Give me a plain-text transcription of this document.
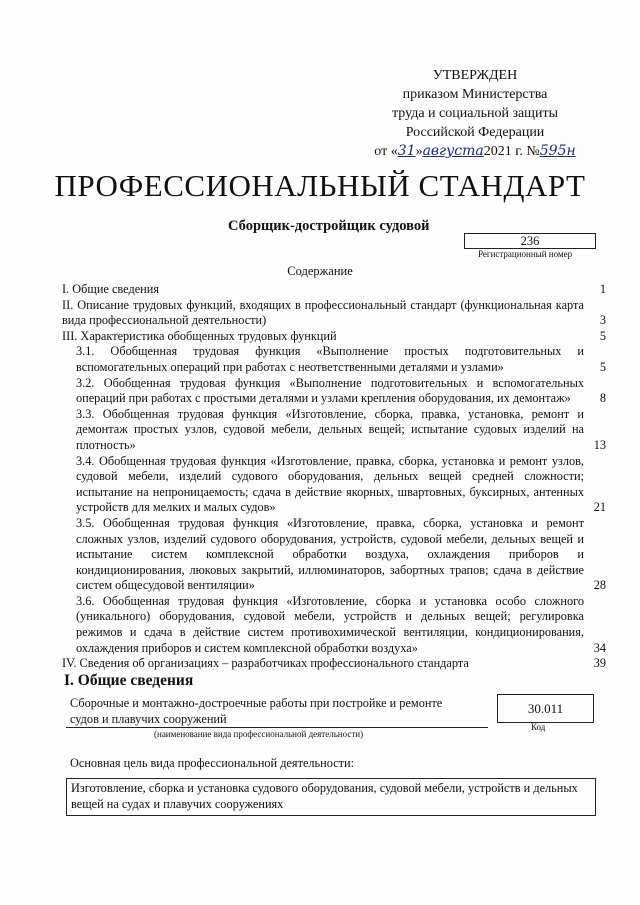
УТВЕРЖДЕН
приказом Министерства
труда и социальной защиты
Российской Федерации
от «31»августа2021 г. №595н
ПРОФЕССИОНАЛЬНЫЙ СТАНДАРТ
Сборщик-достройщик судовой
236
Регистрационный номер
Содержание
I. Общие сведения	1
II. Описание трудовых функций, входящих в профессиональный стандарт (функциональная карта вида профессиональной деятельности)	3
III. Характеристика обобщенных трудовых функций	5
3.1. Обобщенная трудовая функция «Выполнение простых подготовительных и вспомогательных операций при работах с неответственными деталями и узлами»	5
3.2. Обобщенная трудовая функция «Выполнение подготовительных и вспомогательных операций при работах с простыми деталями и узлами крепления оборудования, их демонтаж»	8
3.3. Обобщенная трудовая функция «Изготовление, сборка, правка, установка, ремонт и демонтаж простых узлов, судовой мебели, дельных вещей; испытание судовых изделий на плотность»	13
3.4. Обобщенная трудовая функция «Изготовление, правка, сборка, установка и ремонт узлов, судовой мебели, изделий судового оборудования, дельных вещей средней сложности; испытание на непроницаемость; сдача в действие якорных, швартовных, буксирных, антенных устройств для мелких и малых судов»	21
3.5. Обобщенная трудовая функция «Изготовление, правка, сборка, установка и ремонт сложных узлов, изделий судового оборудования, устройств, судовой мебели, дельных вещей и испытание систем комплексной обработки воздуха, охлаждения приборов и кондиционирования, люковых закрытий, иллюминаторов, забортных трапов; сдача в действие систем общесудовой вентиляции»	28
3.6. Обобщенная трудовая функция «Изготовление, сборка и установка особо сложного (уникального) оборудования, судовой мебели, устройств и дельных вещей; регулировка режимов и сдача в действие систем противохимической вентиляции, кондиционирования, охлаждения приборов и систем комплексной обработки воздуха»	34
IV. Сведения об организациях – разработчиках профессионального стандарта	39
I. Общие сведения
Сборочные и монтажно-достроечные работы при постройке и ремонте судов и плавучих сооружений
(наименование вида профессиональной деятельности)
30.011
Код
Основная цель вида профессиональной деятельности:
Изготовление, сборка и установка судового оборудования, судовой мебели, устройств и дельных вещей на судах и плавучих сооружениях
